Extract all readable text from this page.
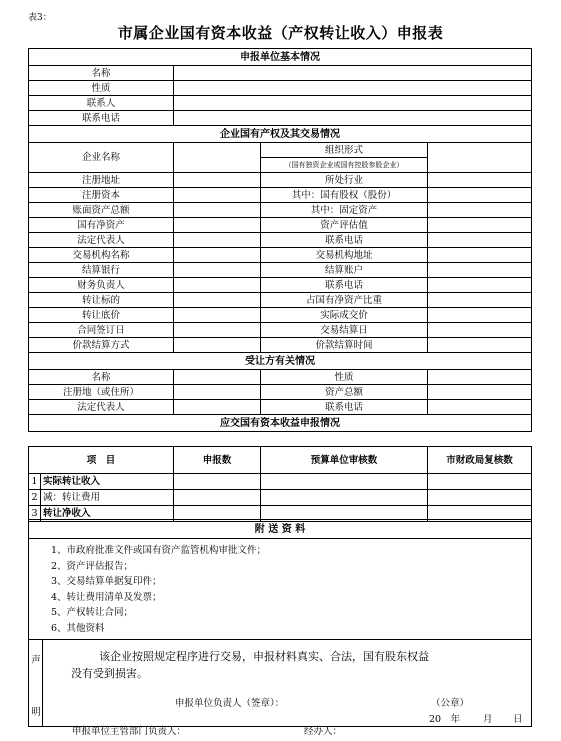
表3：
市属企业国有资本收益（产权转让收入）申报表
申报单位基本情况			
名称			
性质			
联系人			
联系电话			
企业国有产权及其交易情况			
企业名称		组织形式	
		（国有独资企业或国有控股参股企业）	
注册地址		所处行业	
注册资本		其中：国有股权（股份）	
账面资产总额		其中：固定资产	
国有净资产		资产评估值	
法定代表人		联系电话	
交易机构名称		交易机构地址	
结算银行		结算账户	
财务负责人		联系电话	
转让标的		占国有净资产比重	
转让底价		实际成交价	
合同签订日		交易结算日	
价款结算方式		价款结算时间	
受让方有关情况			
名称		性质	
注册地（或住所）		资产总额	
法定代表人		联系电话	
应交国有资本收益申报情况			
项　目		申报数	预算单位审核数	市财政局复核数
1	实际转让收入			
2	减：转让费用			
3	转让净收入			
附 送 资 料

1、市政府批准文件或国有资产监管机构审批文件；
2、资产评估报告；
3、交易结算单据复印件；
4、转让费用清单及发票；
5、产权转让合同；
6、其他资料

声
明

该企业按照规定程序进行交易，申报材料真实、合法，国有股东权益
没有受到损害。
申报单位负责人（签章）：	（公章）
20　年 月 日
申报单位主管部门负责人：	经办人：
